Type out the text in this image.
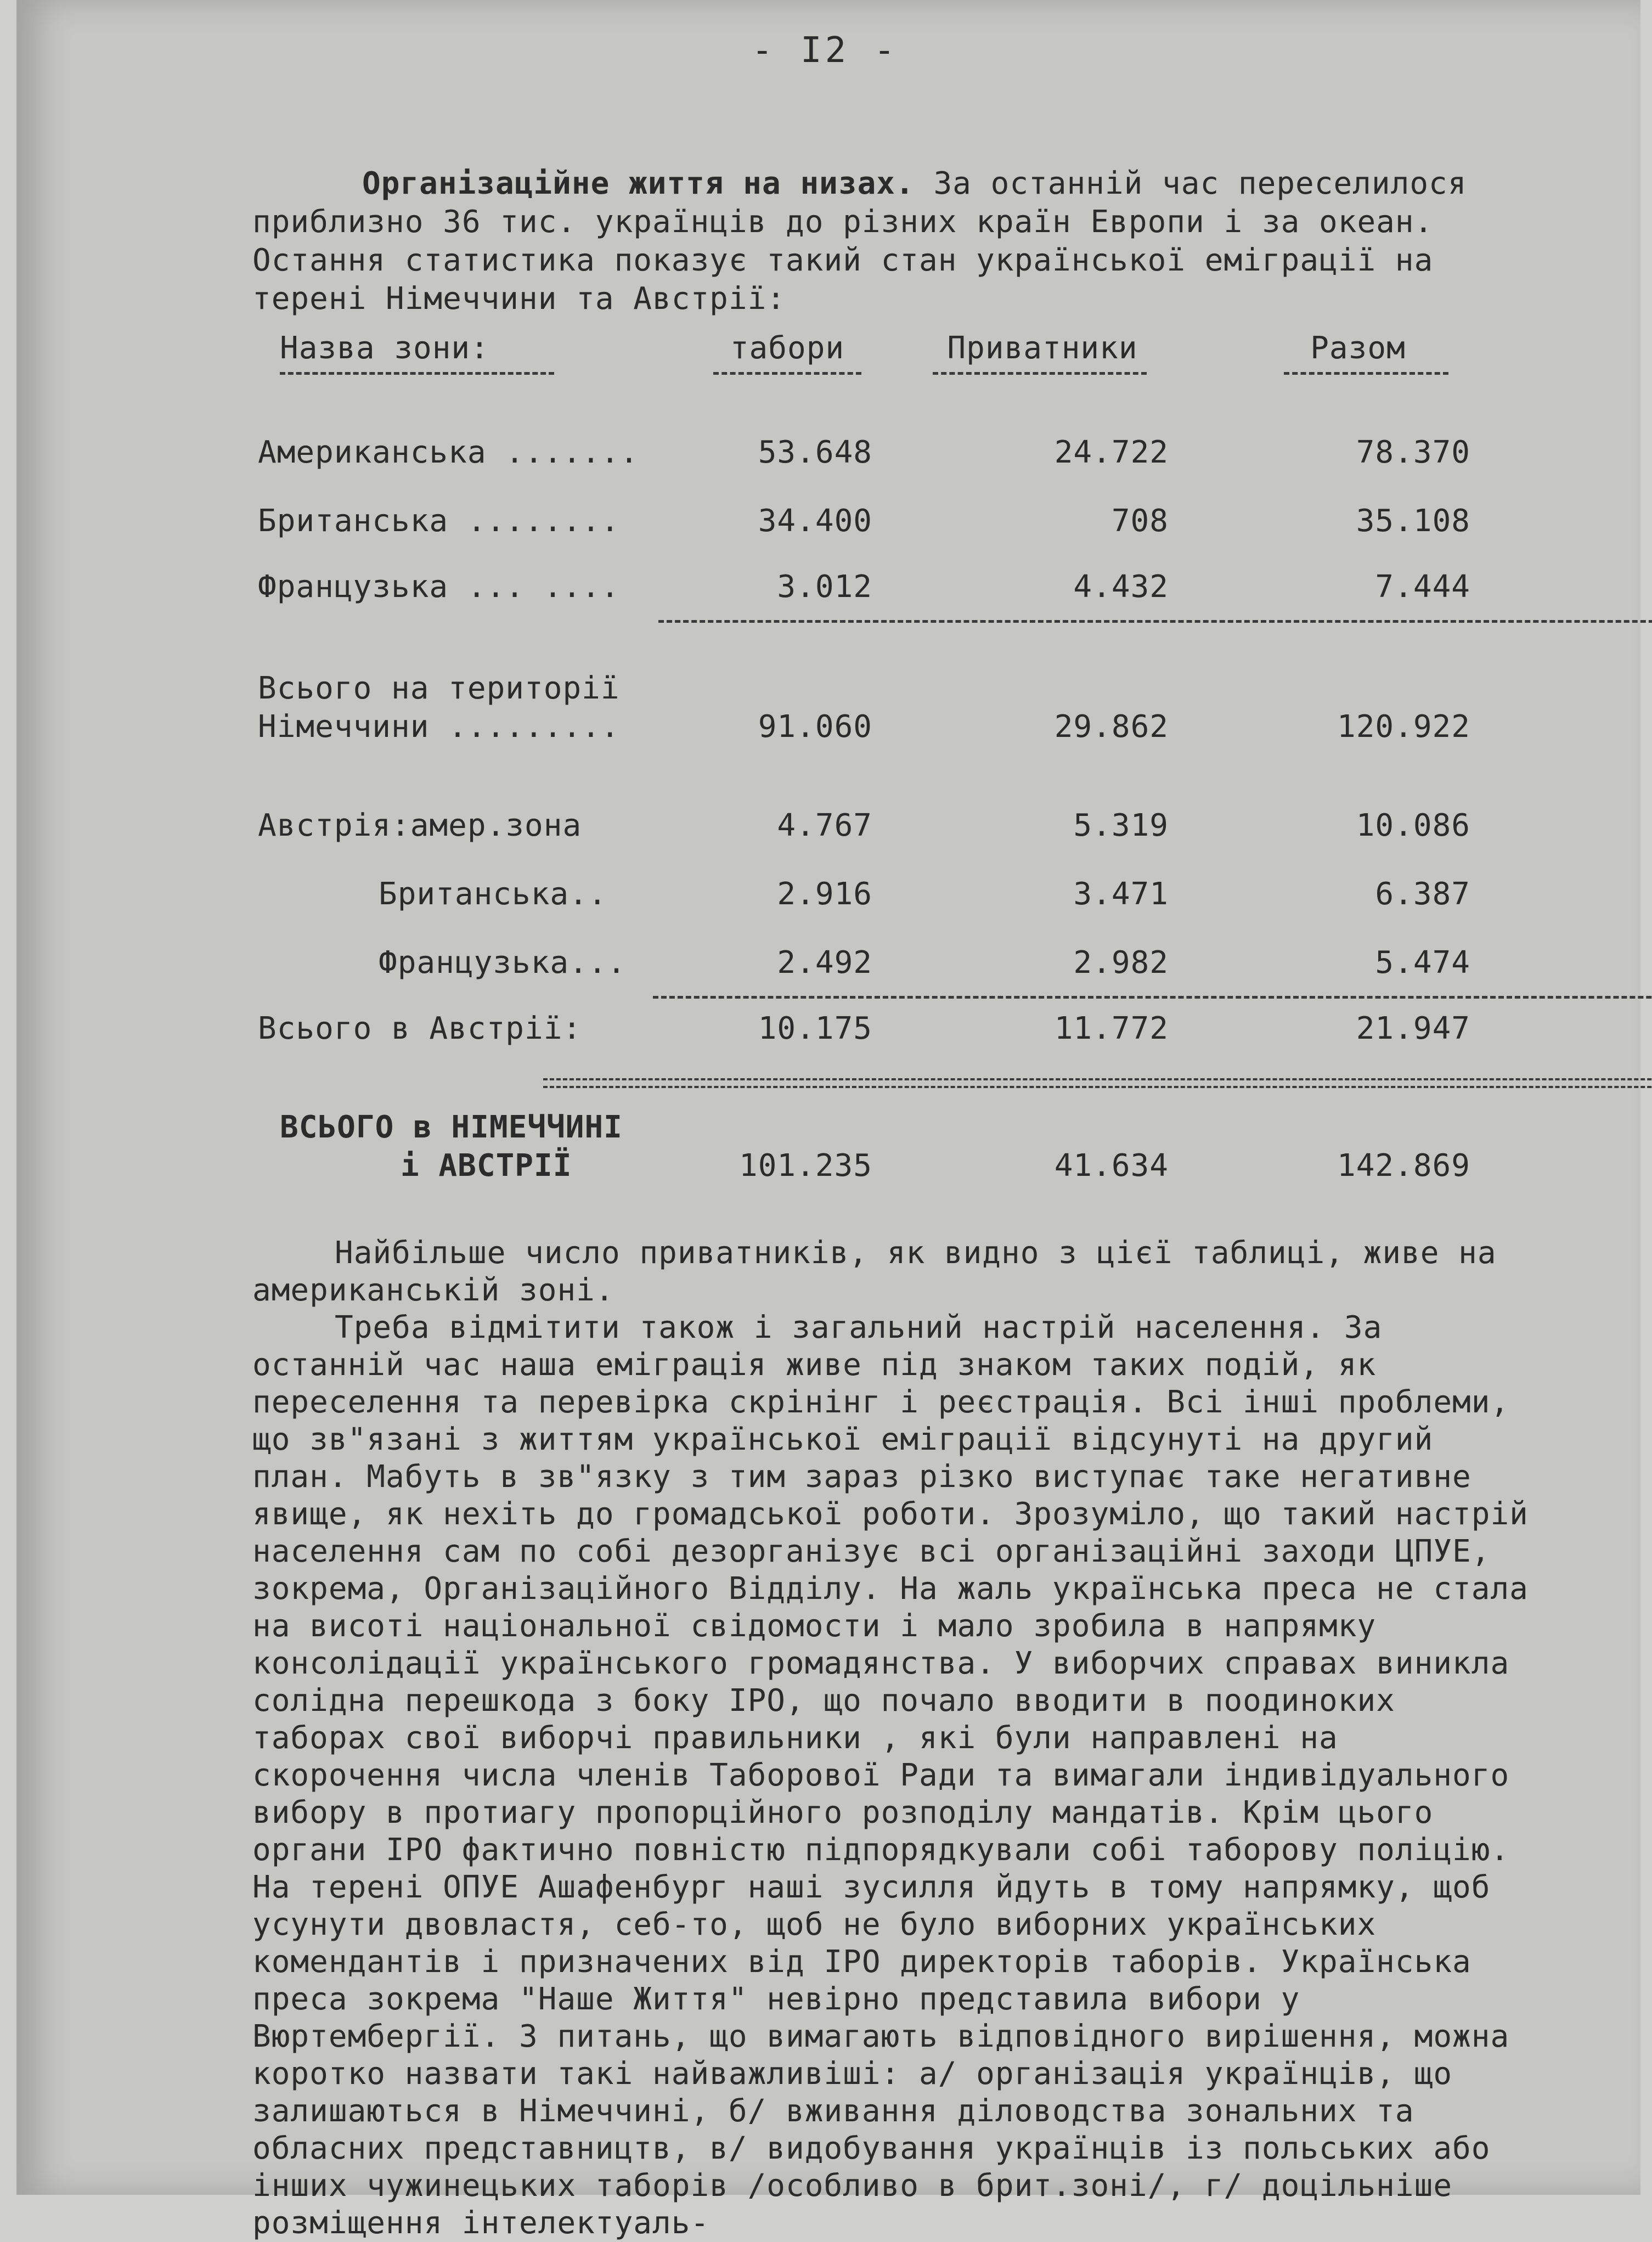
- I2 -

Організаційне життя на низах. За останній час переселилося приблизно 36 тис. українців до різних країн Европи і за океан. Остання статистика показує такий стан української еміграції на терені Німеччини та Австрії:

Назва зони:	табори	Приватники	Разом
Американська .......	53.648	24.722	78.370
Британська ........	34.400	708	35.108
Французька ... ....	3.012	4.432	7.444
Всього на території
Німеччини .........	91.060	29.862	120.922
Австрія:амер.зона	4.767	5.319	10.086
Британська..	2.916	3.471	6.387
Французька...	2.492	2.982	5.474
Всього в Австрії:	10.175	11.772	21.947
ВСЬОГО в НІМЕЧЧИНІ
і АВСТРІЇ	101.235	41.634	142.869

Найбільше число приватників, як видно з цієї таблиці, живе на американській зоні.

Треба відмітити також і загальний настрій населення. За останній час наша еміграція живе під знаком таких подій, як переселення та перевірка скрінінг і реєстрація. Всі інші проблеми, що зв"язані з життям української еміграції відсунуті на другий план. Мабуть в зв"язку з тим зараз різко виступає таке негативне явище, як нехіть до громадської роботи. Зрозуміло, що такий настрій населення сам по собі дезорганізує всі організаційні заходи ЦПУЕ, зокрема, Організаційного Відділу. На жаль українська преса не стала на висоті національної свідомости і мало зробила в напрямку консолідації українського громадянства. У виборчих справах виникла солідна перешкода з боку ІРО, що почало вводити в поодиноких таборах свої виборчі правильники , які були направлені на скорочення числа членів Таборової Ради та вимагали індивідуального вибору в протиагу пропорційного розподілу мандатів. Крім цього органи ІРО фактично повністю підпорядкували собі таборову поліцію. На терені ОПУЕ Ашафенбург наші зусилля йдуть в тому напрямку, щоб усунути двовластя, себ-то, щоб не було виборних українських комендантів і призначених від ІРО директорів таборів. Українська преса зокрема "Наше Життя" невірно представила вибори у Вюртембергії. З питань, що вимагають відповідного вирішення, можна коротко назвати такі найважливіші: а/ організація українців, що залишаються в Німеччині, б/ вживання діловодства зональних та обласних представництв, в/ видобування українців із польських або інших чужинецьких таборів /особливо в брит.зоні/, г/ доцільніше розміщення інтелектуаль-
